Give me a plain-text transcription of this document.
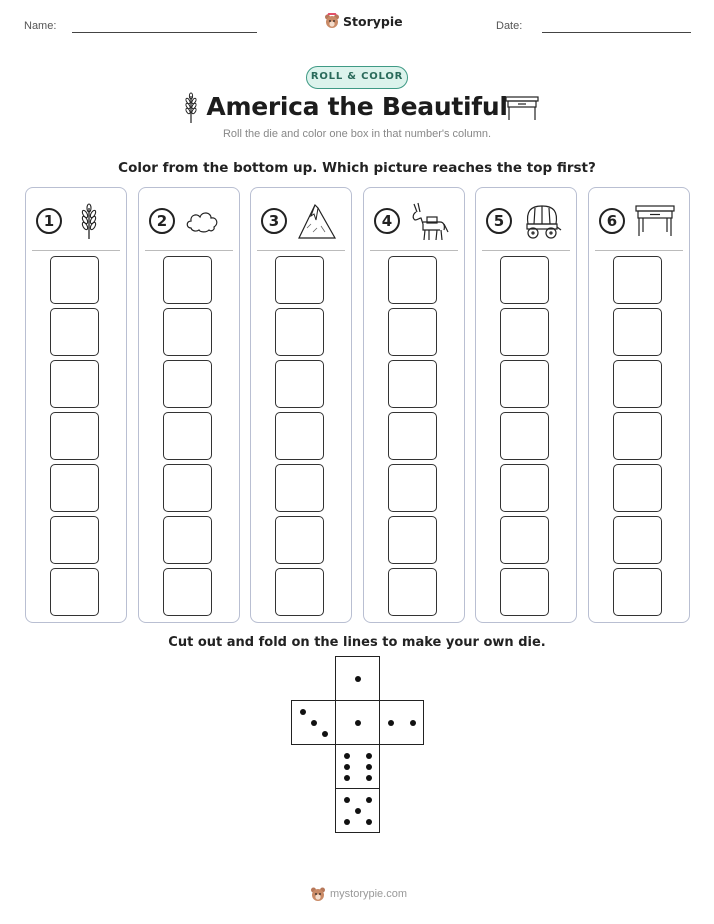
Name:	Storypie	Date:
ROLL & COLOR
America the Beautiful
Roll the die and color one box in that number's column.
Color from the bottom up. Which picture reaches the top first?
1	2	3	4	5	6
Cut out and fold on the lines to make your own die.
mystorypie.com
